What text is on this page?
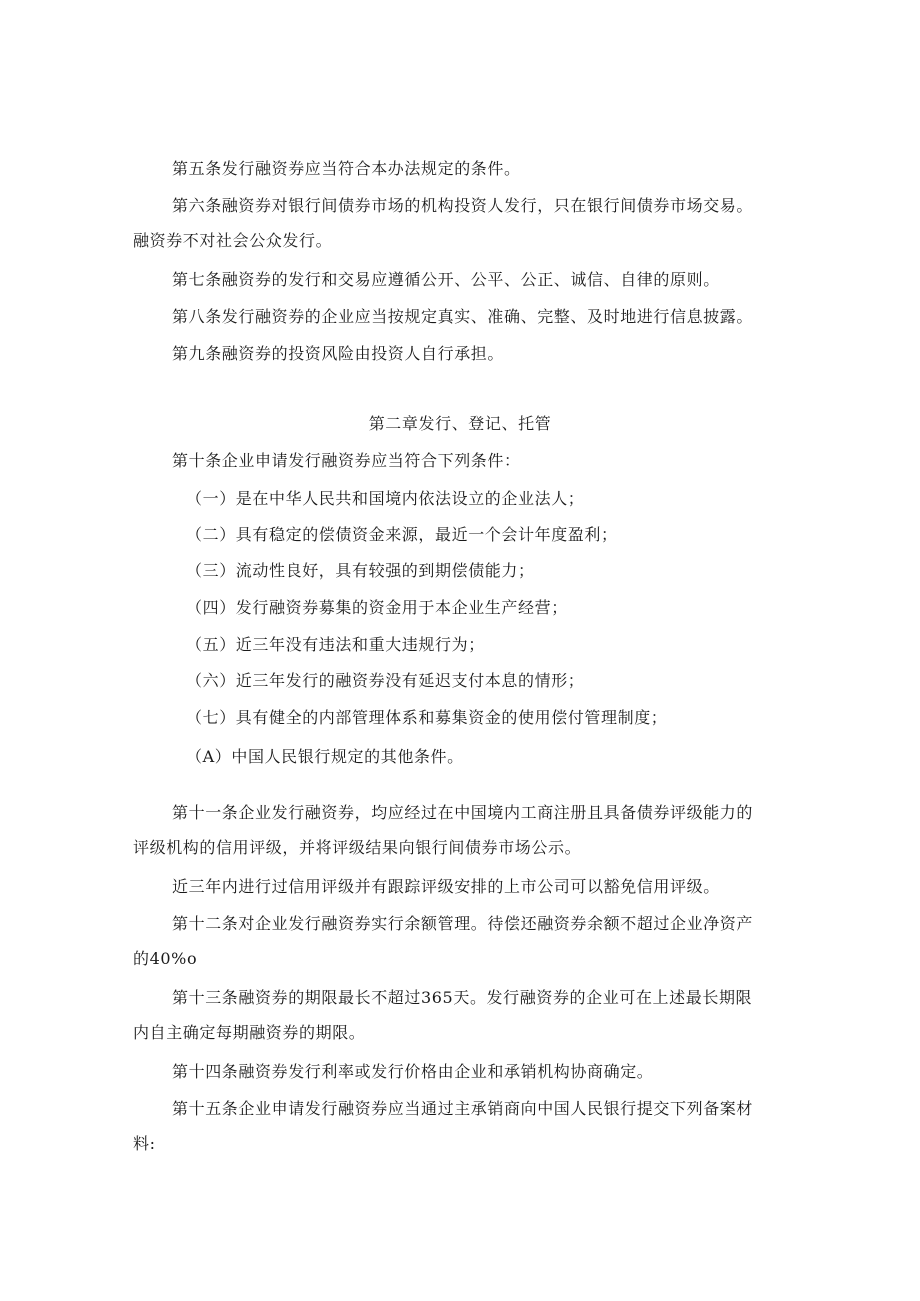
第五条发行融资券应当符合本办法规定的条件。
第六条融资券对银行间债券市场的机构投资人发行，只在银行间债券市场交易。融资券不对社会公众发行。
第七条融资券的发行和交易应遵循公开、公平、公正、诚信、自律的原则。
第八条发行融资券的企业应当按规定真实、准确、完整、及时地进行信息披露。
第九条融资券的投资风险由投资人自行承担。
第二章发行、登记、托管
第十条企业申请发行融资券应当符合下列条件：
（一）是在中华人民共和国境内依法设立的企业法人；
（二）具有稳定的偿债资金来源，最近一个会计年度盈利；
（三）流动性良好，具有较强的到期偿债能力；
（四）发行融资券募集的资金用于本企业生产经营；
（五）近三年没有违法和重大违规行为；
（六）近三年发行的融资券没有延迟支付本息的情形；
（七）具有健全的内部管理体系和募集资金的使用偿付管理制度；
（A）中国人民银行规定的其他条件。
第十一条企业发行融资券，均应经过在中国境内工商注册且具备债券评级能力的评级机构的信用评级，并将评级结果向银行间债券市场公示。
近三年内进行过信用评级并有跟踪评级安排的上市公司可以豁免信用评级。
第十二条对企业发行融资券实行余额管理。待偿还融资券余额不超过企业净资产的40%o
第十三条融资券的期限最长不超过365天。发行融资券的企业可在上述最长期限内自主确定每期融资券的期限。
第十四条融资券发行利率或发行价格由企业和承销机构协商确定。
第十五条企业申请发行融资券应当通过主承销商向中国人民银行提交下列备案材料:
